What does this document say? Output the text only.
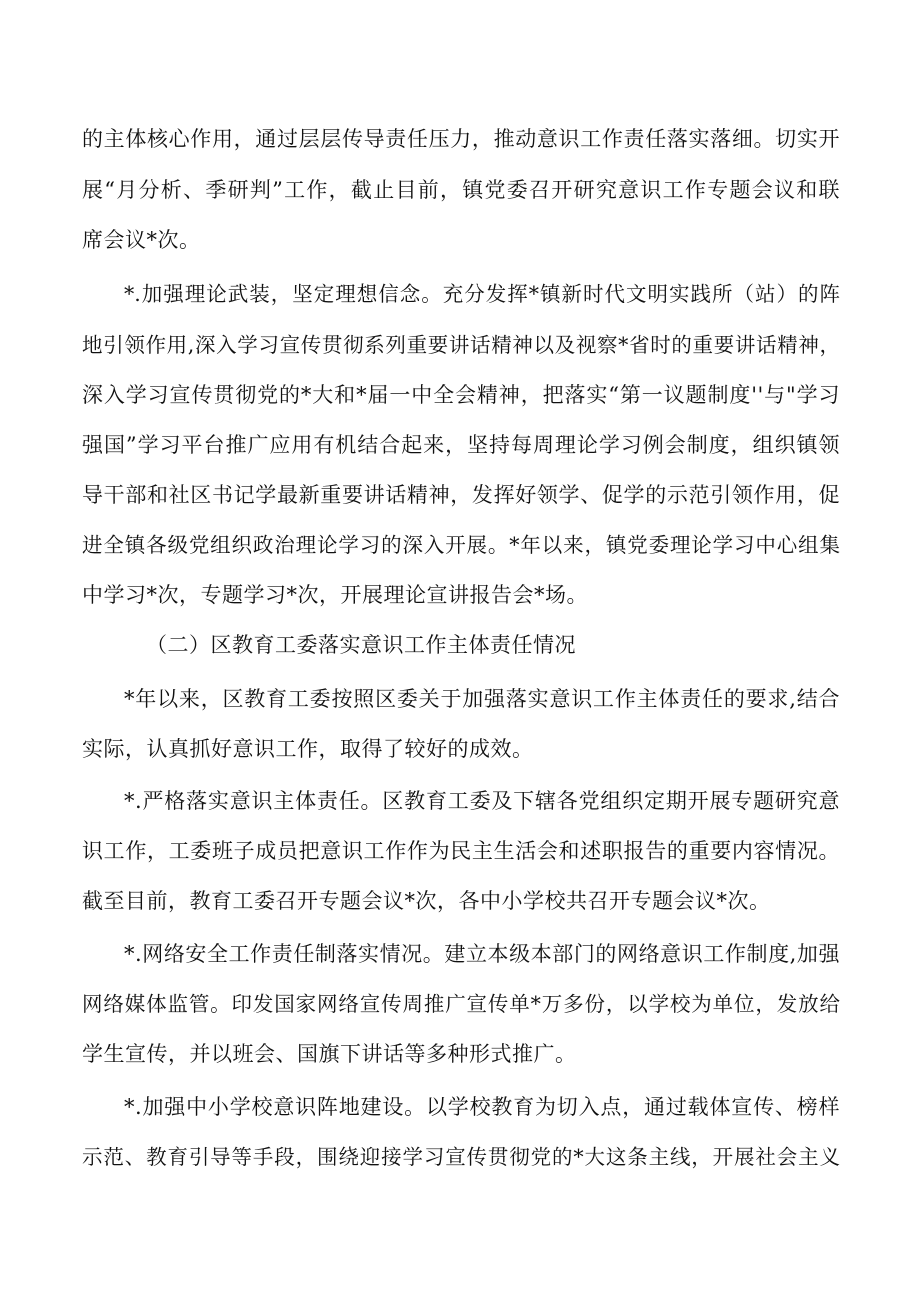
的主体核心作用，通过层层传导责任压力，推动意识工作责任落实落细。切实开
展“月分析、季研判”工作，截止目前，镇党委召开研究意识工作专题会议和联
席会议*次。
*.加强理论武装，坚定理想信念。充分发挥*镇新时代文明实践所（站）的阵
地引领作用,深入学习宣传贯彻系列重要讲话精神以及视察*省时的重要讲话精神，
深入学习宣传贯彻党的*大和*届一中全会精神，把落实“第一议题制度''与"学习
强国”学习平台推广应用有机结合起来，坚持每周理论学习例会制度，组织镇领
导干部和社区书记学最新重要讲话精神，发挥好领学、促学的示范引领作用，促
进全镇各级党组织政治理论学习的深入开展。*年以来，镇党委理论学习中心组集
中学习*次，专题学习*次，开展理论宣讲报告会*场。
（二）区教育工委落实意识工作主体责任情况
*年以来，区教育工委按照区委关于加强落实意识工作主体责任的要求,结合
实际，认真抓好意识工作，取得了较好的成效。
*.严格落实意识主体责任。区教育工委及下辖各党组织定期开展专题研究意
识工作，工委班子成员把意识工作作为民主生活会和述职报告的重要内容情况。
截至目前，教育工委召开专题会议*次，各中小学校共召开专题会议*次。
*.网络安全工作责任制落实情况。建立本级本部门的网络意识工作制度,加强
网络媒体监管。印发国家网络宣传周推广宣传单*万多份，以学校为单位，发放给
学生宣传，并以班会、国旗下讲话等多种形式推广。
*.加强中小学校意识阵地建设。以学校教育为切入点，通过载体宣传、榜样
示范、教育引导等手段，围绕迎接学习宣传贯彻党的*大这条主线，开展社会主义
